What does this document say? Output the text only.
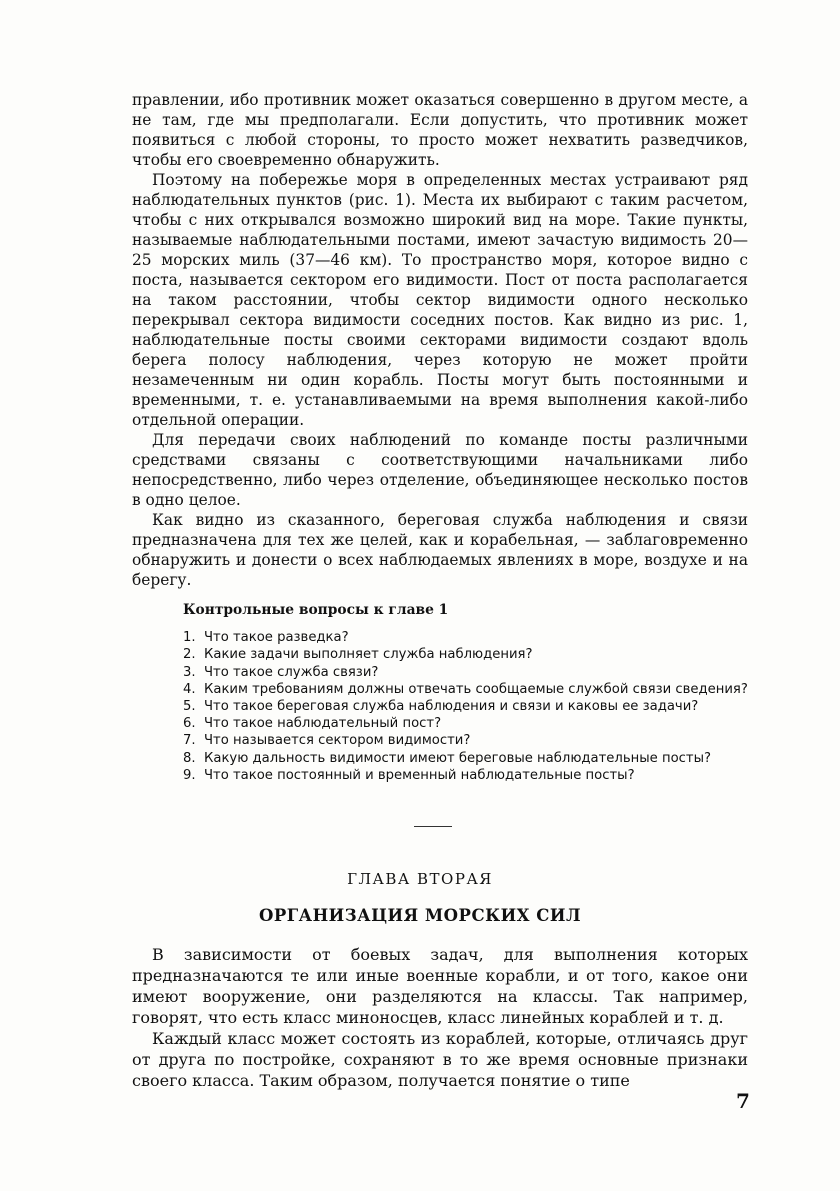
правлении, ибо противник может оказаться совершенно в другом месте, а не там, где мы предполагали. Если допустить, что противник может появиться с любой стороны, то просто может нехватить разведчиков, чтобы его своевременно обнаружить.

Поэтому на побережье моря в определенных местах устраивают ряд наблюдательных пунктов (рис. 1). Места их выбирают с таким расчетом, чтобы с них открывался возможно широкий вид на море. Такие пункты, называемые наблюдательными постами, имеют зачастую видимость 20—25 морских миль (37—46 км). То пространство моря, которое видно с поста, называется сектором его видимости. Пост от поста располагается на таком расстоянии, чтобы сектор видимости одного несколько перекрывал сектора видимости соседних постов. Как видно из рис. 1, наблюдательные посты своими секторами видимости создают вдоль берега полосу наблюдения, через которую не может пройти незамеченным ни один корабль. Посты могут быть постоянными и временными, т. е. устанавливаемыми на время выполнения какой-либо отдельной операции.

Для передачи своих наблюдений по команде посты различными средствами связаны с соответствующими начальниками либо непосредственно, либо через отделение, объединяющее несколько постов в одно целое.

Как видно из сказанного, береговая служба наблюдения и связи предназначена для тех же целей, как и корабельная, — заблаговременно обнаружить и донести о всех наблюдаемых явлениях в море, воздухе и на берегу.

Контрольные вопросы к главе 1
1. Что такое разведка?
2. Какие задачи выполняет служба наблюдения?
3. Что такое служба связи?
4. Каким требованиям должны отвечать сообщаемые службой связи сведения?
5. Что такое береговая служба наблюдения и связи и каковы ее задачи?
6. Что такое наблюдательный пост?
7. Что называется сектором видимости?
8. Какую дальность видимости имеют береговые наблюдательные посты?
9. Что такое постоянный и временный наблюдательные посты?
ГЛАВА ВТОРАЯ
ОРГАНИЗАЦИЯ МОРСКИХ СИЛ

В зависимости от боевых задач, для выполнения которых предназначаются те или иные военные корабли, и от того, какое они имеют вооружение, они разделяются на классы. Так например, говорят, что есть класс миноносцев, класс линейных кораблей и т. д.

Каждый класс может состоять из кораблей, которые, отличаясь друг от друга по постройке, сохраняют в то же время основные признаки своего класса. Таким образом, получается понятие о типе

7
